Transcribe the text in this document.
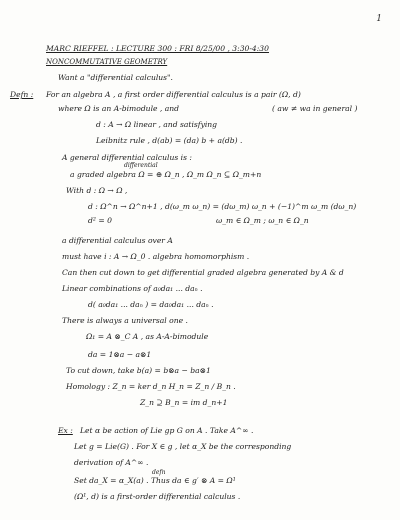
1
MARC RIEFFEL : LECTURE 300 : FRI 8/25/00 , 3:30-4:30
NONCOMMUTATIVE GEOMETRY
Want a "differential calculus".
Defn : For an algebra A , a first order differential calculus is a pair (Ω, d)
where Ω is an A-bimodule , and	( aw ≠ wa in general )
d : A → Ω linear , and satisfying
Leibnitz rule , d(ab) = (da) b + a(db) .
A general differential calculus is :
differential
a graded algebra Ω = ⊕ Ω_n , Ω_m Ω_n ⊆ Ω_m+n
With d : Ω → Ω ,
d : Ω^n → Ω^n+1 , d(ω_m ω_n) = (dω_m) ω_n + (−1)^m ω_m (dω_n)
d² = 0	ω_m ∈ Ω_m ; ω_n ∈ Ω_n
a differential calculus over A
must have i : A → Ω_0 . algebra homomorphism .
Can then cut down to get differential graded algebra generated by A & d
Linear combinations of a₀da₁ ... daₙ .
d( a₀da₁ ... daₙ ) = da₀da₁ ... daₙ .
There is always a universal one .
Ω₁ = A ⊗_C A , as A-A-bimodule
da = 1⊗a − a⊗1
To cut down, take b(a) = b⊗a − ba⊗1
Homology : Z_n = ker d_n H_n = Z_n / B_n .
Z_n ⊇ B_n = im d_n+1
Ex : Let α be action of Lie gp G on A . Take A^∞ .
Let g = Lie(G) . For X ∈ g , let α_X be the corresponding
derivation of A^∞ .
defn
Set da_X = α_X(a) . Thus da ∈ g′ ⊗ A = Ω¹
(Ω¹, d) is a first-order differential calculus .
